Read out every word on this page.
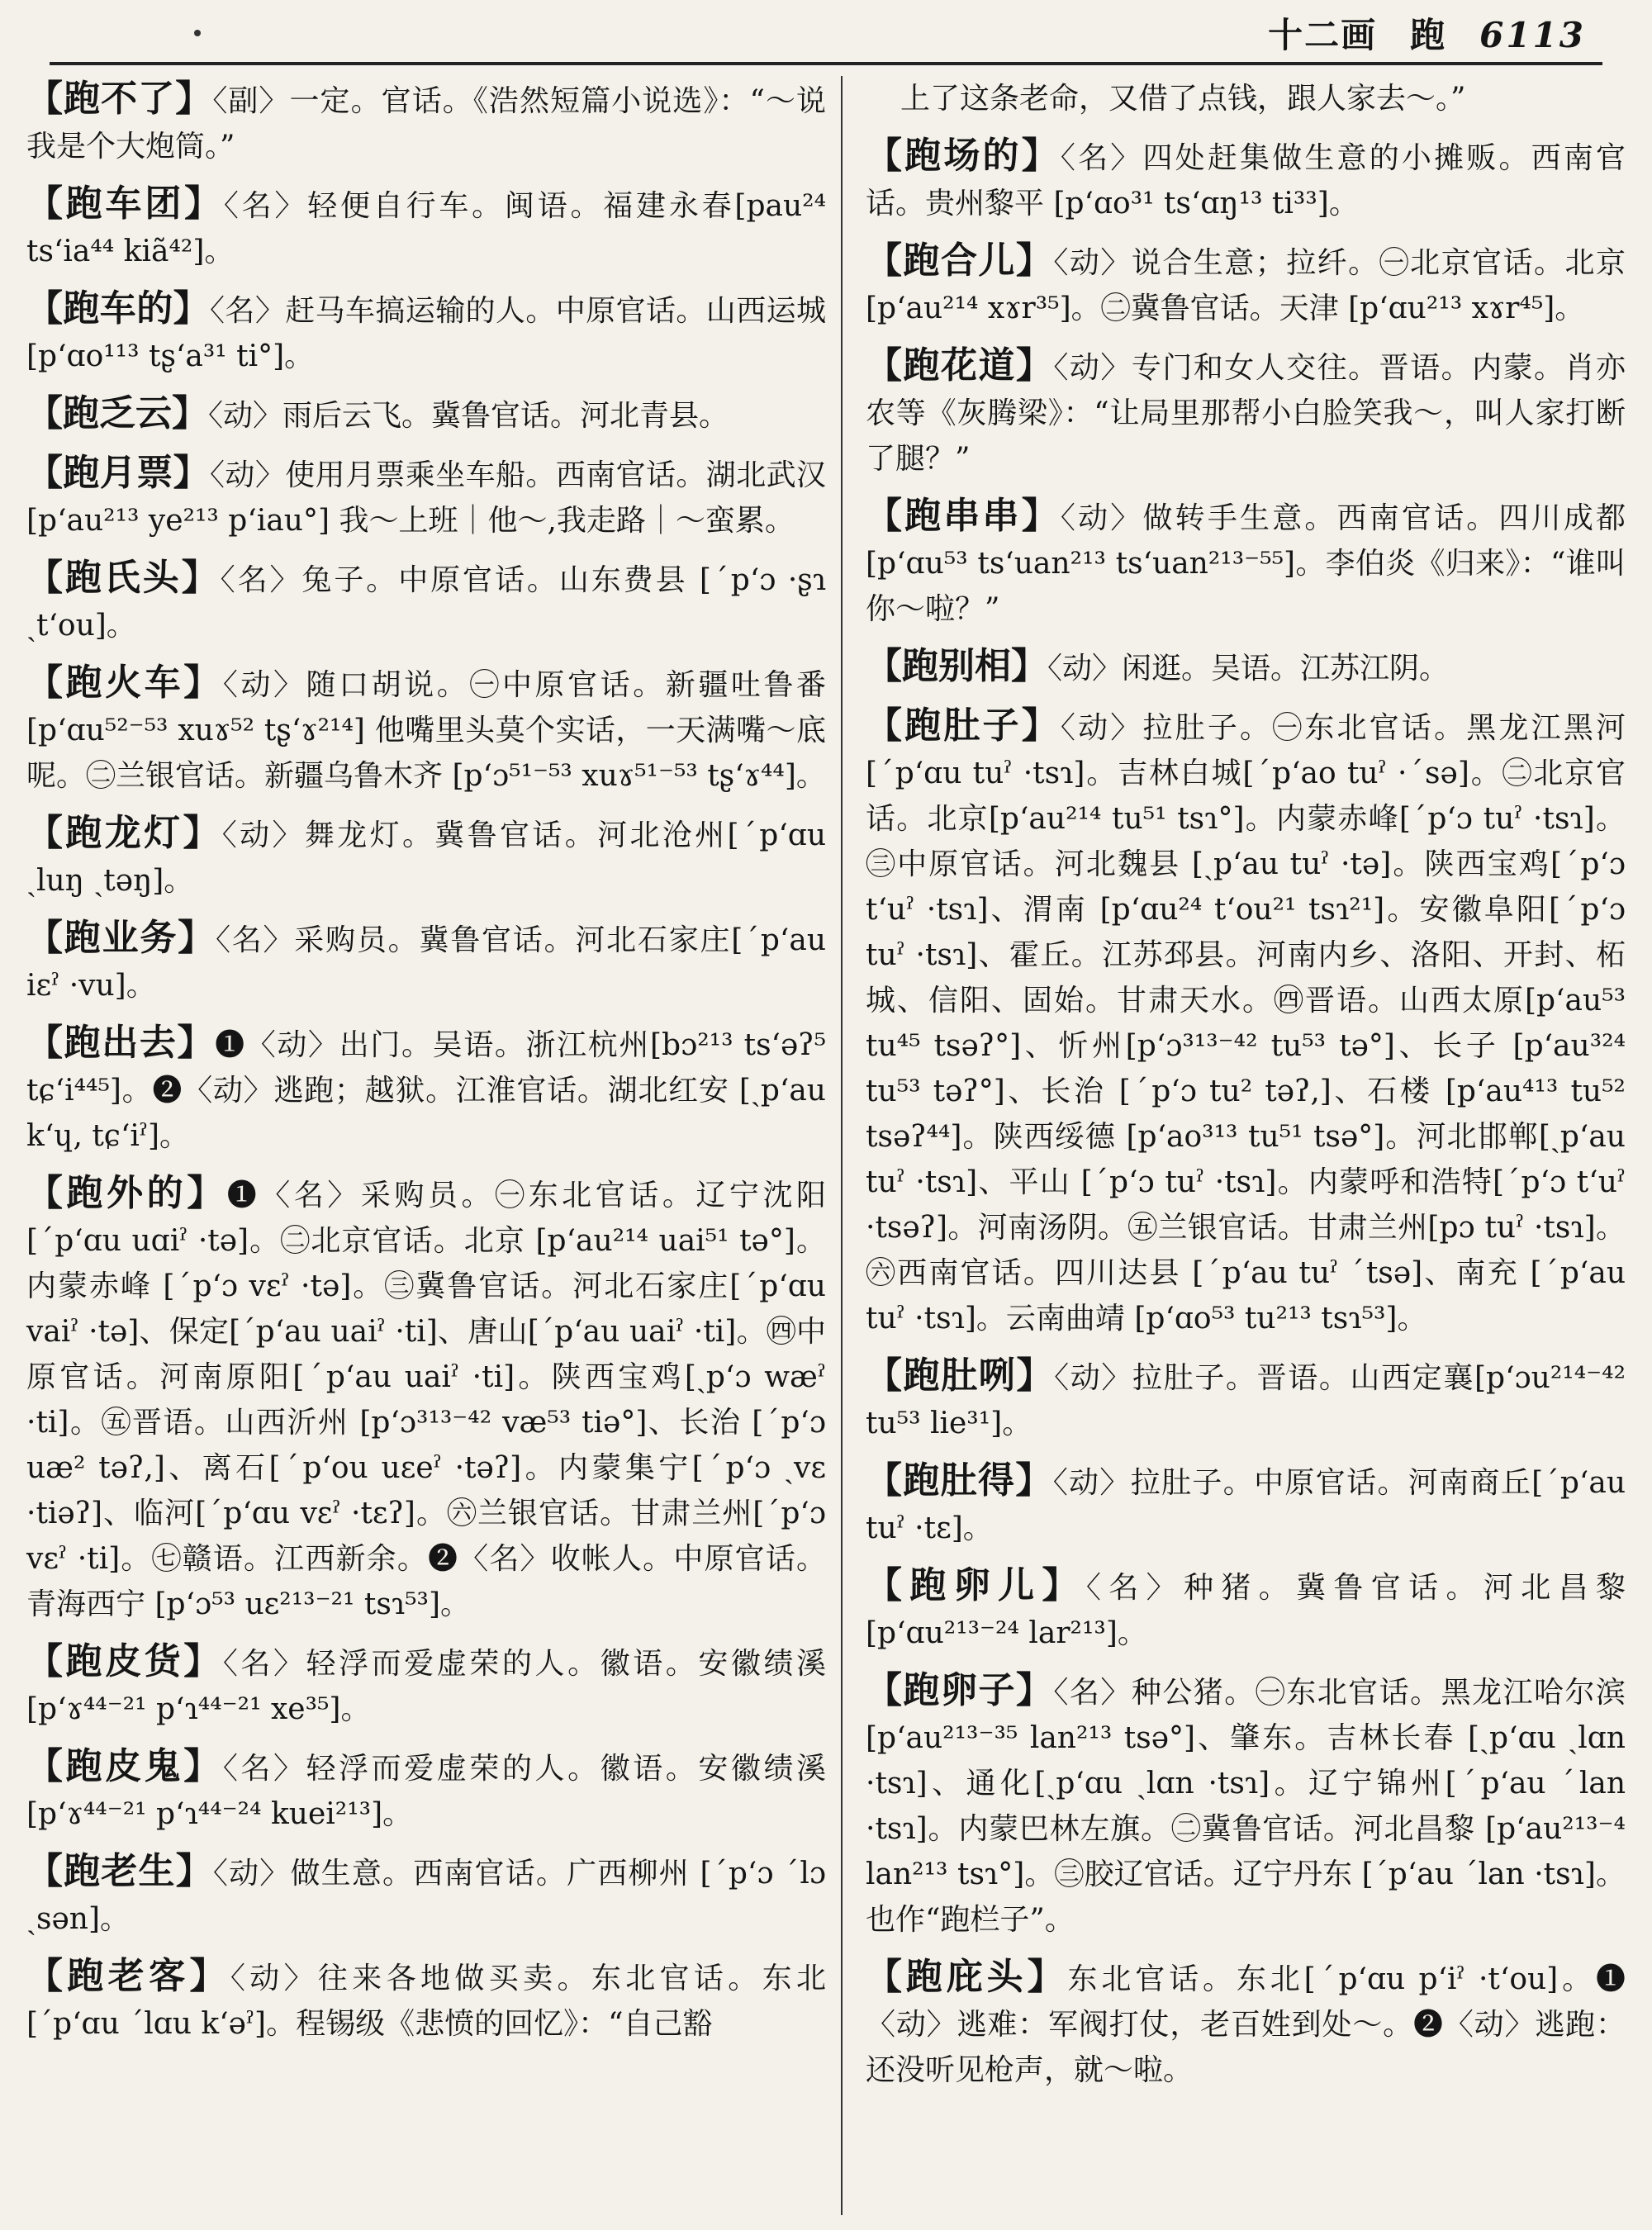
十二画 跑 6113
【跑不了】〈副〉一定。官话。《浩然短篇小说选》：“～说我是个大炮筒。”
【跑车团】〈名〉轻便自行车。闽语。福建永春[pau²⁴ tsʻia⁴⁴ kiã⁴²]。
【跑车的】〈名〉赶马车搞运输的人。中原官话。山西运城 [pʻɑo¹¹³ tʂʻa³¹ ti°]。
【跑乏云】〈动〉雨后云飞。冀鲁官话。河北青县。
【跑月票】〈动〉使用月票乘坐车船。西南官话。湖北武汉 [pʻau²¹³ ye²¹³ pʻiau°] 我～上班｜他～,我走路｜～蛮累。
【跑氏头】〈名〉兔子。中原官话。山东费县 [ˊpʻɔ ·ʂɿ ˏtʻou]。
【跑火车】〈动〉随口胡说。㊀中原官话。新疆吐鲁番 [pʻɑu⁵²⁻⁵³ xuɤ⁵² tʂʻɤ²¹⁴] 他嘴里头莫个实话，一天满嘴～底呢。㊁兰银官话。新疆乌鲁木齐 [pʻɔ⁵¹⁻⁵³ xuɤ⁵¹⁻⁵³ tʂʻɤ⁴⁴]。
【跑龙灯】〈动〉舞龙灯。冀鲁官话。河北沧州[ˊpʻɑu ˏluŋ ˏtəŋ]。
【跑业务】〈名〉采购员。冀鲁官话。河北石家庄[ˊpʻau iɛˀ ·vu]。
【跑出去】❶〈动〉出门。吴语。浙江杭州[bɔ²¹³ tsʻəʔ⁵ tɕʻi⁴⁴⁵]。❷〈动〉逃跑；越狱。江淮官话。湖北红安 [ˏpʻau kʻɥ, tɕʻiˀ]。
【跑外的】❶〈名〉采购员。㊀东北官话。辽宁沈阳 [ˊpʻɑu uɑiˀ ·tə]。㊁北京官话。北京 [pʻau²¹⁴ uai⁵¹ tə°]。内蒙赤峰 [ˊpʻɔ vɛˀ ·tə]。㊂冀鲁官话。河北石家庄[ˊpʻɑu vaiˀ ·tə]、保定[ˊpʻau uaiˀ ·ti]、唐山[ˊpʻau uaiˀ ·ti]。㊃中原官话。河南原阳[ˊpʻau uaiˀ ·ti]。陕西宝鸡[ˏpʻɔ wæˀ ·ti]。㊄晋语。山西沂州 [pʻɔ³¹³⁻⁴² væ⁵³ tiə°]、长治 [ˊpʻɔ uæ² təʔ,]、离石[ˊpʻou uɛeˀ ·təʔ]。内蒙集宁[ˊpʻɔ ˏvɛ ·tiəʔ]、临河[ˊpʻɑu vɛˀ ·tɛʔ]。㊅兰银官话。甘肃兰州[ˊpʻɔ vɛˀ ·ti]。㊆赣语。江西新余。❷〈名〉收帐人。中原官话。青海西宁 [pʻɔ⁵³ uɛ²¹³⁻²¹ tsɿ⁵³]。
【跑皮货】〈名〉轻浮而爱虚荣的人。徽语。安徽绩溪 [pʻɤ⁴⁴⁻²¹ pʻɿ⁴⁴⁻²¹ xe³⁵]。
【跑皮鬼】〈名〉轻浮而爱虚荣的人。徽语。安徽绩溪 [pʻɤ⁴⁴⁻²¹ pʻɿ⁴⁴⁻²⁴ kuei²¹³]。
【跑老生】〈动〉做生意。西南官话。广西柳州 [ˊpʻɔ ˊlɔ ˏsən]。
【跑老客】〈动〉往来各地做买卖。东北官话。东北 [ˊpʻɑu ˊlɑu kʻəˀ]。程锡级《悲愤的回忆》：“自己豁
上了这条老命，又借了点钱，跟人家去～。”
【跑场的】〈名〉四处赶集做生意的小摊贩。西南官话。贵州黎平 [pʻɑo³¹ tsʻɑŋ¹³ ti³³]。
【跑合儿】〈动〉说合生意；拉纤。㊀北京官话。北京 [pʻau²¹⁴ xɤr³⁵]。㊁冀鲁官话。天津 [pʻɑu²¹³ xɤr⁴⁵]。
【跑花道】〈动〉专门和女人交往。晋语。内蒙。肖亦农等《灰腾梁》：“让局里那帮小白脸笑我～，叫人家打断了腿？”
【跑串串】〈动〉做转手生意。西南官话。四川成都 [pʻɑu⁵³ tsʻuan²¹³ tsʻuan²¹³⁻⁵⁵]。李伯炎《归来》：“谁叫你～啦？”
【跑别相】〈动〉闲逛。吴语。江苏江阴。
【跑肚子】〈动〉拉肚子。㊀东北官话。黑龙江黑河[ˊpʻɑu tuˀ ·tsɿ]。吉林白城[ˊpʻao tuˀ ·ˊsə]。㊁北京官话。北京[pʻau²¹⁴ tu⁵¹ tsɿ°]。内蒙赤峰[ˊpʻɔ tuˀ ·tsɿ]。㊂中原官话。河北魏县 [ˏpʻau tuˀ ·tə]。陕西宝鸡[ˊpʻɔ tʻuˀ ·tsɿ]、渭南 [pʻɑu²⁴ tʻou²¹ tsɿ²¹]。安徽阜阳[ˊpʻɔ tuˀ ·tsɿ]、霍丘。江苏邳县。河南内乡、洛阳、开封、柘城、信阳、固始。甘肃天水。㊃晋语。山西太原[pʻau⁵³ tu⁴⁵ tsəʔ°]、忻州[pʻɔ³¹³⁻⁴² tu⁵³ tə°]、长子 [pʻau³²⁴ tu⁵³ təʔ°]、长治 [ˊpʻɔ tu² təʔ,]、石楼 [pʻau⁴¹³ tu⁵² tsəʔ⁴⁴]。陕西绥德 [pʻao³¹³ tu⁵¹ tsə°]。河北邯郸[ˏpʻau tuˀ ·tsɿ]、平山 [ˊpʻɔ tuˀ ·tsɿ]。内蒙呼和浩特[ˊpʻɔ tʻuˀ ·tsəʔ]。河南汤阴。㊄兰银官话。甘肃兰州[pɔ tuˀ ·tsɿ]。㊅西南官话。四川达县 [ˊpʻau tuˀ ˊtsə]、南充 [ˊpʻau tuˀ ·tsɿ]。云南曲靖 [pʻɑo⁵³ tu²¹³ tsɿ⁵³]。
【跑肚咧】〈动〉拉肚子。晋语。山西定襄[pʻɔu²¹⁴⁻⁴² tu⁵³ lie³¹]。
【跑肚得】〈动〉拉肚子。中原官话。河南商丘[ˊpʻau tuˀ ·tɛ]。
【跑卵儿】〈名〉种猪。冀鲁官话。河北昌黎[pʻɑu²¹³⁻²⁴ lar²¹³]。
【跑卵子】〈名〉种公猪。㊀东北官话。黑龙江哈尔滨 [pʻau²¹³⁻³⁵ lan²¹³ tsə°]、肇东。吉林长春 [ˏpʻɑu ˏlɑn ·tsɿ]、通化[ˏpʻɑu ˏlɑn ·tsɿ]。辽宁锦州[ˊpʻau ˊlan ·tsɿ]。内蒙巴林左旗。㊁冀鲁官话。河北昌黎 [pʻau²¹³⁻⁴ lan²¹³ tsɿ°]。㊂胶辽官话。辽宁丹东 [ˊpʻau ˊlan ·tsɿ]。也作“跑栏子”。
【跑庇头】东北官话。东北[ˊpʻɑu pʻiˀ ·tʻou]。❶〈动〉逃难：军阀打仗，老百姓到处～。❷〈动〉逃跑：还没听见枪声，就～啦。
